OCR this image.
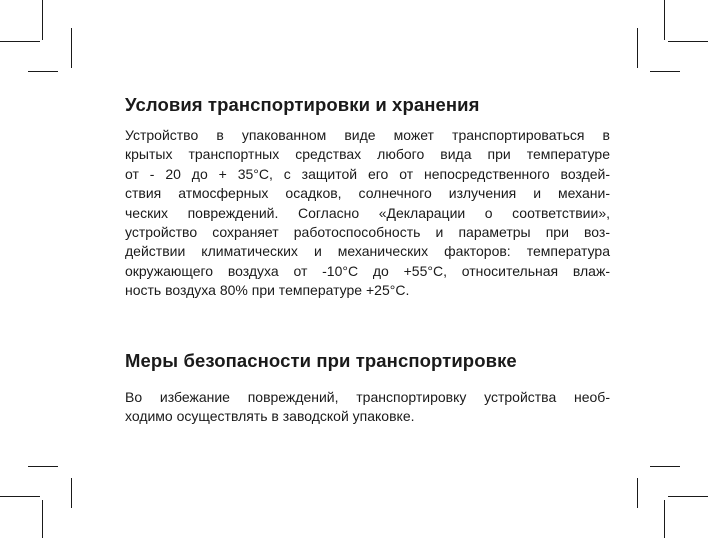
Условия транспортировки и хранения
Устройство в упакованном виде может транспортироваться в
крытых транспортных средствах любого вида при температуре
от - 20 до + 35°С, с защитой его от непосредственного воздей-
ствия атмосферных осадков, солнечного излучения и механи-
ческих повреждений. Согласно «Декларации о соответствии»,
устройство сохраняет работоспособность и параметры при воз-
действии климатических и механических факторов: температура
окружающего воздуха от -10°С до +55°С, относительная влаж-
ность воздуха 80% при температуре +25°С.
Меры безопасности при транспортировке
Во избежание повреждений, транспортировку устройства необ-
ходимо осуществлять в заводской упаковке.
